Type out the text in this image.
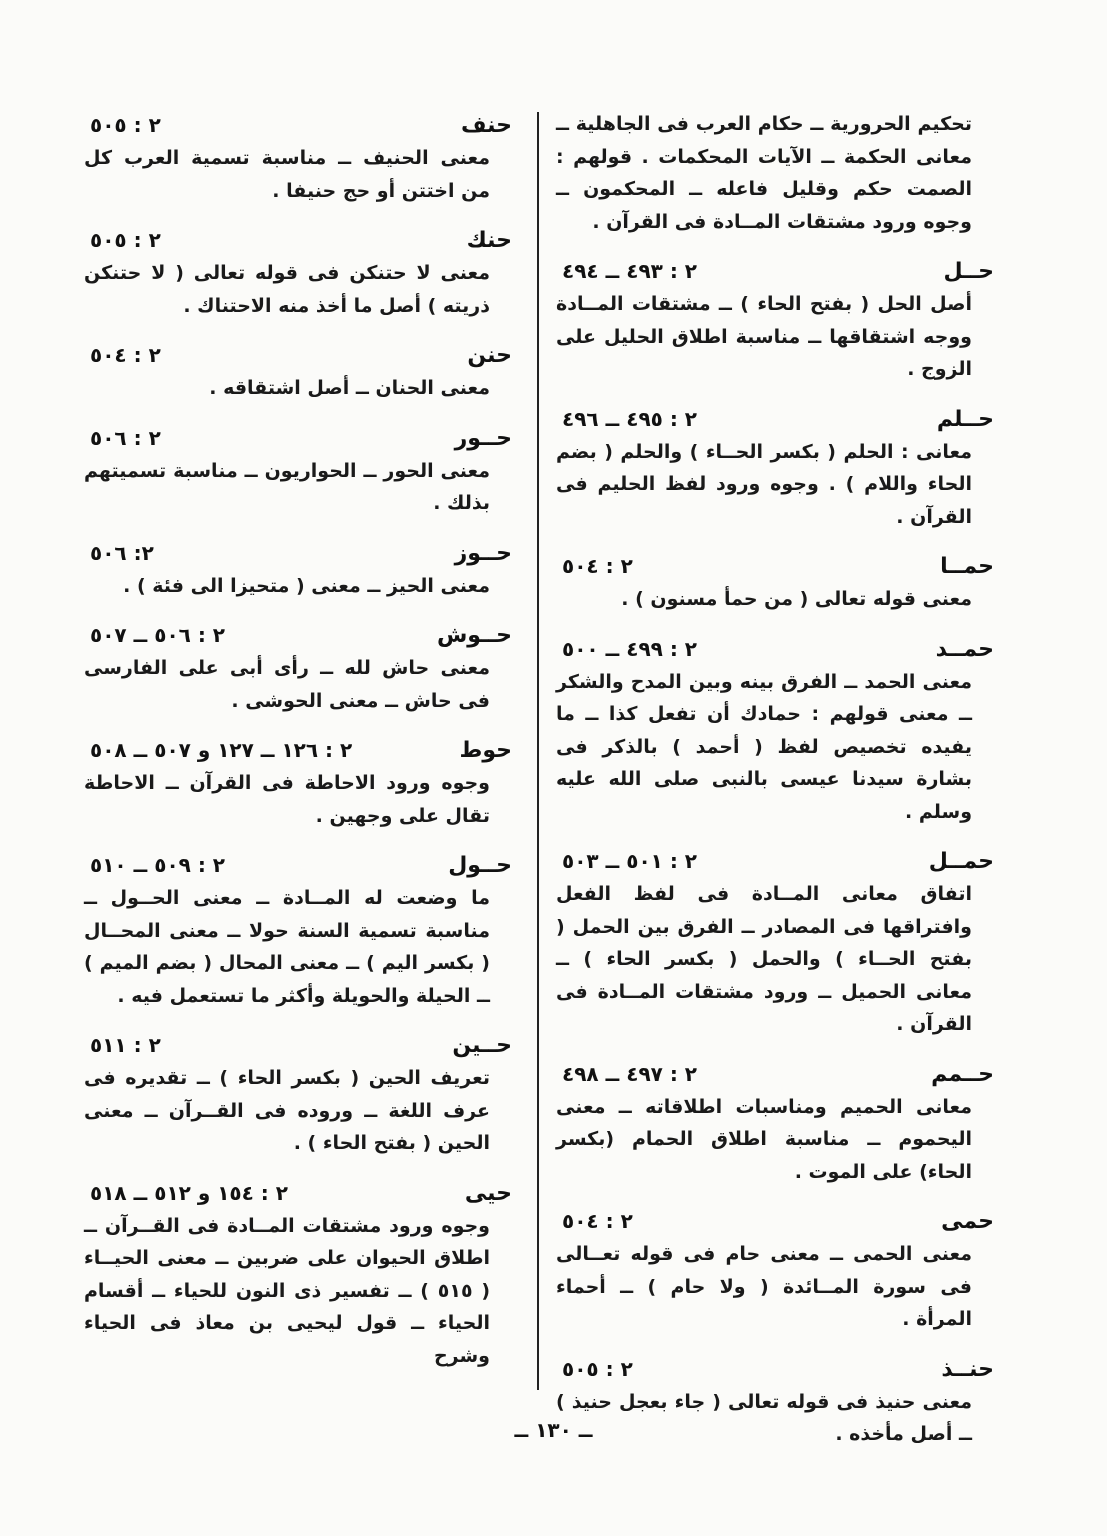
تحكيم الحرورية ــ حكام العرب فى الجاهلية ــ معانى الحكمة ــ الآيات المحكمات . قولهم : الصمت حكم وقليل فاعله ــ المحكمون ــ وجوه ورود مشتقات المــادة فى القرآن .
حــل
٢ : ٤٩٣ ــ ٤٩٤
أصل الحل ( بفتح الحاء ) ــ مشتقات المــادة ووجه اشتقاقها ــ مناسبة اطلاق الحليل على الزوج .
حــلم
٢ : ٤٩٥ ــ ٤٩٦
معانى : الحلم ( بكسر الحــاء ) والحلم ( بضم الحاء واللام ) . وجوه ورود لفظ الحليم فى القرآن .
حمــا
٢ : ٥٠٤
معنى قوله تعالى ( من حمأ مسنون ) .
حمــد
٢ : ٤٩٩ ــ ٥٠٠
معنى الحمد ــ الفرق بينه وبين المدح والشكر ــ معنى قولهم : حمادك أن تفعل كذا ــ ما يفيده تخصيص لفظ ( أحمد ) بالذكر فى بشارة سيدنا عيسى بالنبى صلى الله عليه وسلم .
حمــل
٢ : ٥٠١ ــ ٥٠٣
اتفاق معانى المــادة فى لفظ الفعل وافتراقها فى المصادر ــ الفرق بين الحمل ( بفتح الحــاء ) والحمل ( بكسر الحاء ) ــ معانى الحميل ــ ورود مشتقات المــادة فى القرآن .
حــمم
٢ : ٤٩٧ ــ ٤٩٨
معانى الحميم ومناسبات اطلاقاته ــ معنى اليحموم ــ مناسبة اطلاق الحمام (بكسر الحاء) على الموت .
حمى
٢ : ٥٠٤
معنى الحمى ــ معنى حام فى قوله تعــالى فى سورة المــائدة ( ولا حام ) ــ أحماء المرأة .
حنــذ
٢ : ٥٠٥
معنى حنيذ فى قوله تعالى ( جاء بعجل حنيذ ) ــ أصل مأخذه .
حنف
٢ : ٥٠٥
معنى الحنيف ــ مناسبة تسمية العرب كل من اختتن أو حج حنيفا .
حنك
٢ : ٥٠٥
معنى لا حتنكن فى قوله تعالى ( لا حتنكن ذريته ) أصل ما أخذ منه الاحتناك .
حنن
٢ : ٥٠٤
معنى الحنان ــ أصل اشتقاقه .
حــور
٢ : ٥٠٦
معنى الحور ــ الحواريون ــ مناسبة تسميتهم بذلك .
حــوز
٢: ٥٠٦
معنى الحيز ــ معنى ( متحيزا الى فئة ) .
حــوش
٢ : ٥٠٦ ــ ٥٠٧
معنى حاش لله ــ رأى أبى على الفارسى فى حاش ــ معنى الحوشى .
حوط
٢ : ١٢٦ ــ ١٢٧ و ٥٠٧ ــ ٥٠٨
وجوه ورود الاحاطة فى القرآن ــ الاحاطة تقال على وجهين .
حــول
٢ : ٥٠٩ ــ ٥١٠
ما وضعت له المــادة ــ معنى الحــول ــ مناسبة تسمية السنة حولا ــ معنى المحــال ( بكسر اليم ) ــ معنى المحال ( بضم الميم ) ــ الحيلة والحويلة وأكثر ما تستعمل فيه .
حــين
٢ : ٥١١
تعريف الحين ( بكسر الحاء ) ــ تقديره فى عرف اللغة ــ وروده فى القــرآن ــ معنى الحين ( بفتح الحاء ) .
حيى
٢ : ١٥٤ و ٥١٢ ــ ٥١٨
وجوه ورود مشتقات المــادة فى القــرآن ــ اطلاق الحيوان على ضربين ــ معنى الحيــاء ( ٥١٥ ) ــ تفسير ذى النون للحياء ــ أقسام الحياء ــ قول ليحيى بن معاذ فى الحياء وشرح
ــ ١٣٠ ــ
